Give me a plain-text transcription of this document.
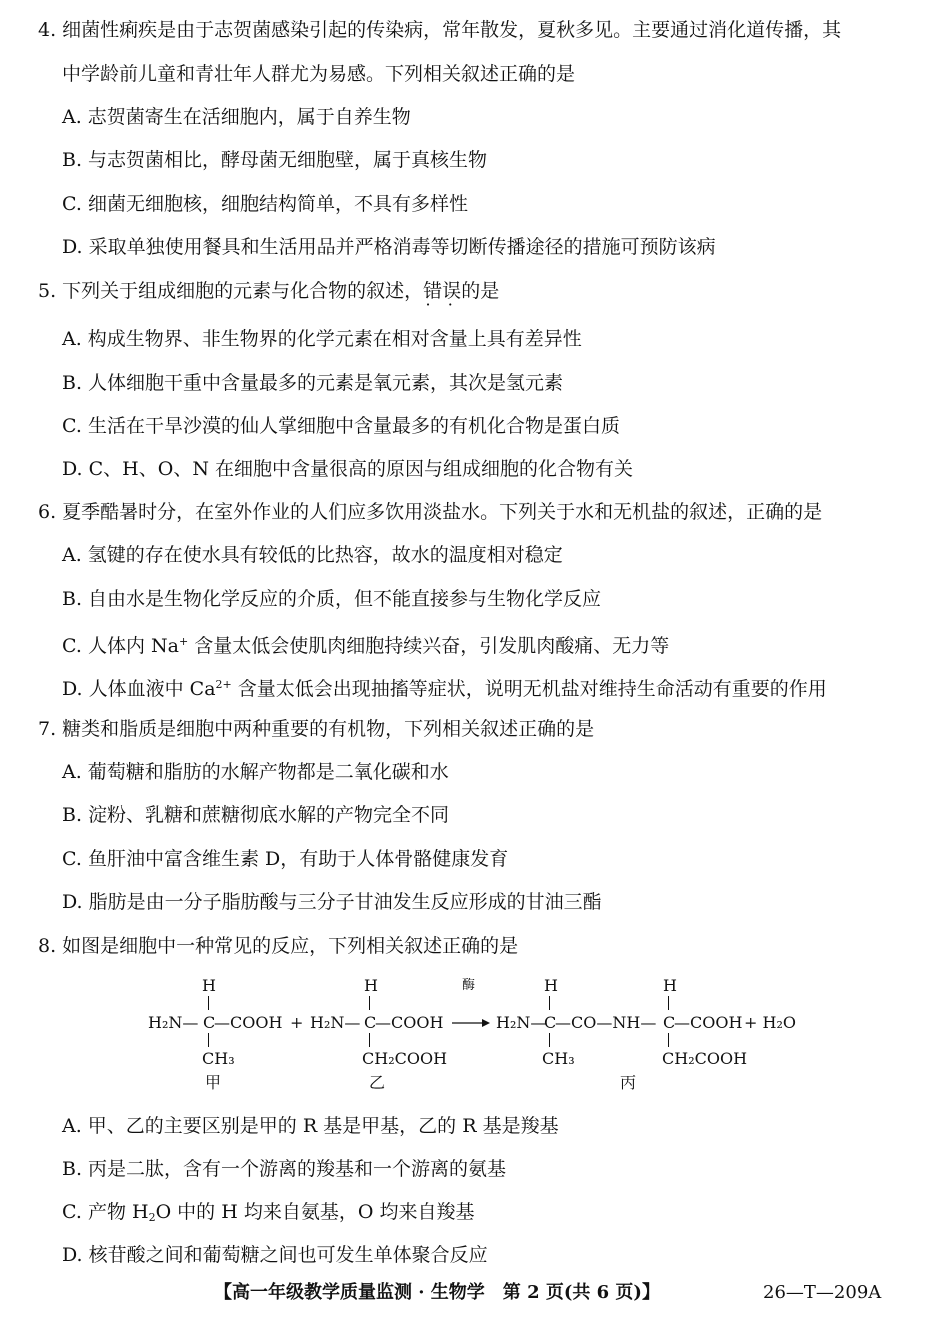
4. 细菌性痢疾是由于志贺菌感染引起的传染病，常年散发，夏秋多见。主要通过消化道传播，其
中学龄前儿童和青壮年人群尤为易感。下列相关叙述正确的是
A. 志贺菌寄生在活细胞内，属于自养生物
B. 与志贺菌相比，酵母菌无细胞壁，属于真核生物
C. 细菌无细胞核，细胞结构简单，不具有多样性
D. 采取单独使用餐具和生活用品并严格消毒等切断传播途径的措施可预防该病
5. 下列关于组成细胞的元素与化合物的叙述，错误 · ·的是
A. 构成生物界、非生物界的化学元素在相对含量上具有差异性
B. 人体细胞干重中含量最多的元素是氧元素，其次是氢元素
C. 生活在干旱沙漠的仙人掌细胞中含量最多的有机化合物是蛋白质
D. C、H、O、N 在细胞中含量很高的原因与组成细胞的化合物有关
6. 夏季酷暑时分，在室外作业的人们应多饮用淡盐水。下列关于水和无机盐的叙述，正确的是
A. 氢键的存在使水具有较低的比热容，故水的温度相对稳定
B. 自由水是生物化学反应的介质，但不能直接参与生物化学反应
C. 人体内 Na+ 含量太低会使肌肉细胞持续兴奋，引发肌肉酸痛、无力等
D. 人体血液中 $Ca^{2+}$ 含量太低会出现抽搐等症状，说明无机盐对维持生命活动有重要的作用
7. 糖类和脂质是细胞中两种重要的有机物，下列相关叙述正确的是
A. 葡萄糖和脂肪的水解产物都是二氧化碳和水
B. 淀粉、乳糖和蔗糖彻底水解的产物完全不同
C. 鱼肝油中富含维生素 D，有助于人体骨骼健康发育
D. 脂肪是由一分子脂肪酸与三分子甘油发生反应形成的甘油三酯
8. 如图是细胞中一种常见的反应，下列相关叙述正确的是
H
H₂N— C
—COOH
CH₃
甲
+
H
H₂N— C
—COOH
CH₂COOH
乙
酶
→ H₂N—
H
C
CH₃
—CO—NH—
H
C
—COOH
CH₂COOH
丙
+ H₂O
A. 甲、乙的主要区别是甲的 R 基是甲基，乙的 R 基是羧基
B. 丙是二肽，含有一个游离的羧基和一个游离的氨基
C. 产物 $H_2O$ 中的 H 均来自氨基，O 均来自羧基
D. 核苷酸之间和葡萄糖之间也可发生单体聚合反应
【高一年级教学质量监测 · 生物学　第 2 页(共 6 页)】	26—T—209A
